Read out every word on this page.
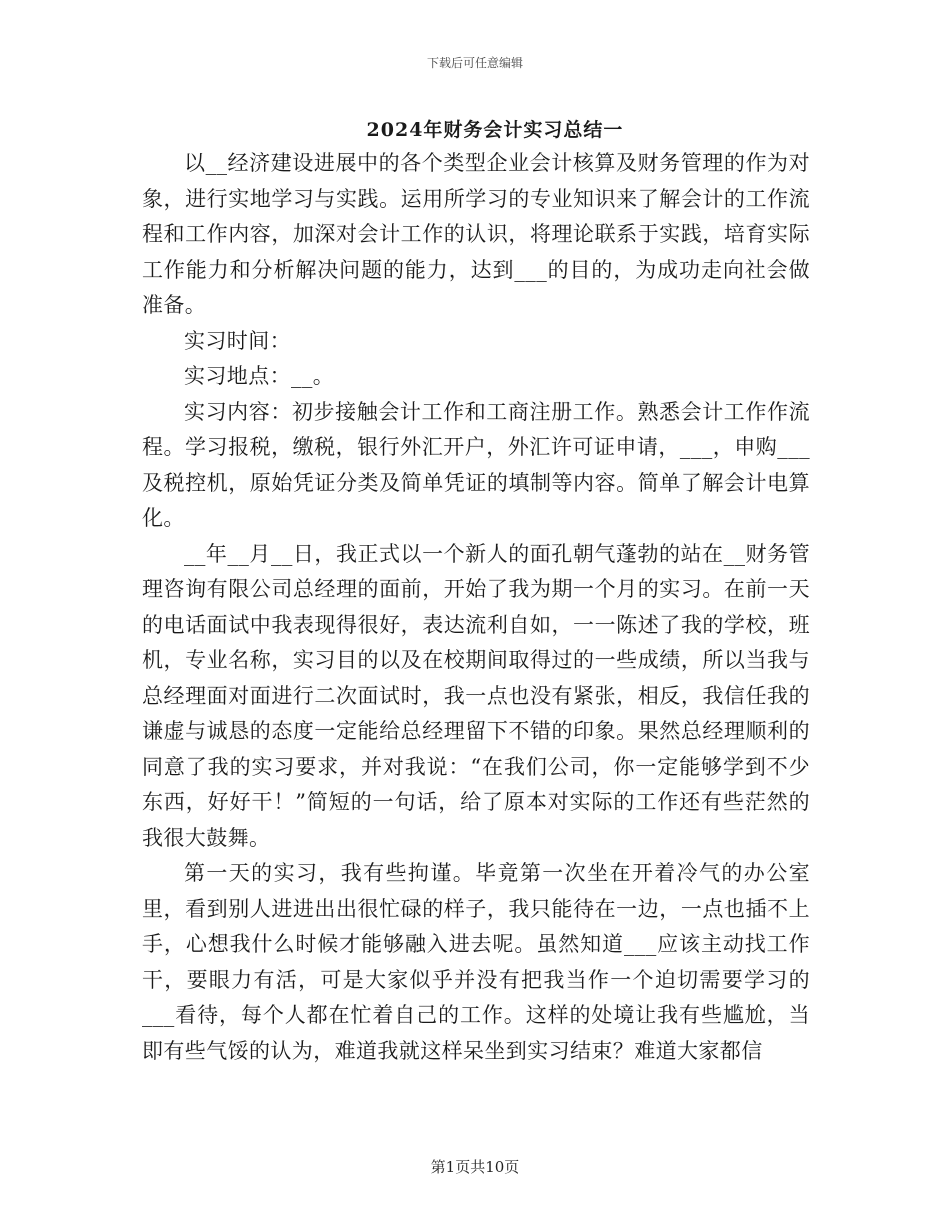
下载后可任意编辑
2024年财务会计实习总结一

以__经济建设进展中的各个类型企业会计核算及财务管理的作为对象，进行实地学习与实践。运用所学习的专业知识来了解会计的工作流程和工作内容，加深对会计工作的认识，将理论联系于实践，培育实际工作能力和分析解决问题的能力，达到___的目的，为成功走向社会做准备。

实习时间：

实习地点：__。

实习内容：初步接触会计工作和工商注册工作。熟悉会计工作作流程。学习报税，缴税，银行外汇开户，外汇许可证申请，___，申购___及税控机，原始凭证分类及简单凭证的填制等内容。简单了解会计电算化。

__年__月__日，我正式以一个新人的面孔朝气蓬勃的站在__财务管理咨询有限公司总经理的面前，开始了我为期一个月的实习。在前一天的电话面试中我表现得很好，表达流利自如，一一陈述了我的学校，班机，专业名称，实习目的以及在校期间取得过的一些成绩，所以当我与总经理面对面进行二次面试时，我一点也没有紧张，相反，我信任我的谦虚与诚恳的态度一定能给总经理留下不错的印象。果然总经理顺利的同意了我的实习要求，并对我说：“在我们公司，你一定能够学到不少东西，好好干！”简短的一句话，给了原本对实际的工作还有些茫然的我很大鼓舞。

第一天的实习，我有些拘谨。毕竟第一次坐在开着冷气的办公室里，看到别人进进出出很忙碌的样子，我只能待在一边，一点也插不上手，心想我什么时候才能够融入进去呢。虽然知道___应该主动找工作干，要眼力有活，可是大家似乎并没有把我当作一个迫切需要学习的___看待，每个人都在忙着自己的工作。这样的处境让我有些尴尬，当即有些气馁的认为，难道我就这样呆坐到实习结束？难道大家都信

第1页共10页
